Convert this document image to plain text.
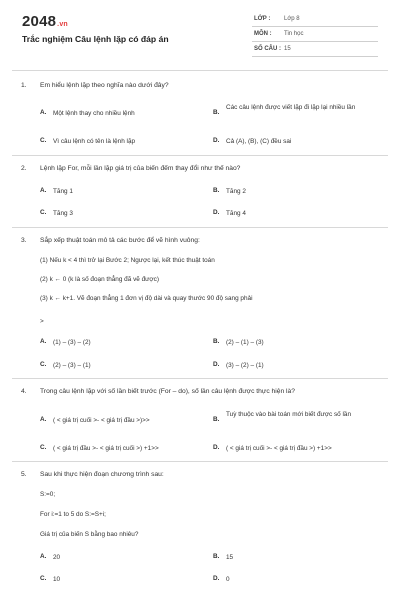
2048.vn
Trắc nghiệm Câu lệnh lặp có đáp án
LỚP : Lớp 8
MÔN : Tin học
SỐ CÂU : 15
1. Em hiểu lệnh lặp theo nghĩa nào dưới đây?
A. Một lệnh thay cho nhiều lệnh	B.
Các câu lệnh được viết lặp đi lặp lại nhiều lần
C. Vì câu lệnh có tên là lệnh lặp	D. Cả (A), (B), (C) đều sai
2. Lệnh lặp For, mỗi lần lặp giá trị của biến đếm thay đổi như thế nào?
A. Tăng 1	B. Tăng 2
C. Tăng 3	D. Tăng 4
3. Sắp xếp thuật toán mô tả các bước để vẽ hình vuông:
(1) Nếu k < 4 thì trở lại Bước 2; Ngược lại, kết thúc thuật toán
(2) k ← 0 (k là số đoạn thẳng đã vẽ được)
(3) k ← k+1. Vẽ đoạn thẳng 1 đơn vị độ dài và quay thước 90 độ sang phải
>
A. (1) – (3) – (2)	B. (2) – (1) – (3)
C. (2) – (3) – (1)	D. (3) – (2) – (1)
4. Trong câu lệnh lặp với số lần biết trước (For – do), số lần câu lệnh được thực hiện là?
A. ( < giá trị cuối >- < giá trị đầu >)>>	B.
Tuỳ thuộc vào bài toán mới biết được số lần
C. ( < giá trị đầu >- < giá trị cuối >) +1>>	D. ( < giá trị cuối >- < giá trị đầu >) +1>>
5. Sau khi thực hiện đoạn chương trình sau:
S:=0;
For i:=1 to 5 do S:=S+i;
Giá trị của biến S bằng bao nhiêu?
A. 20	B. 15
C. 10	D. 0
